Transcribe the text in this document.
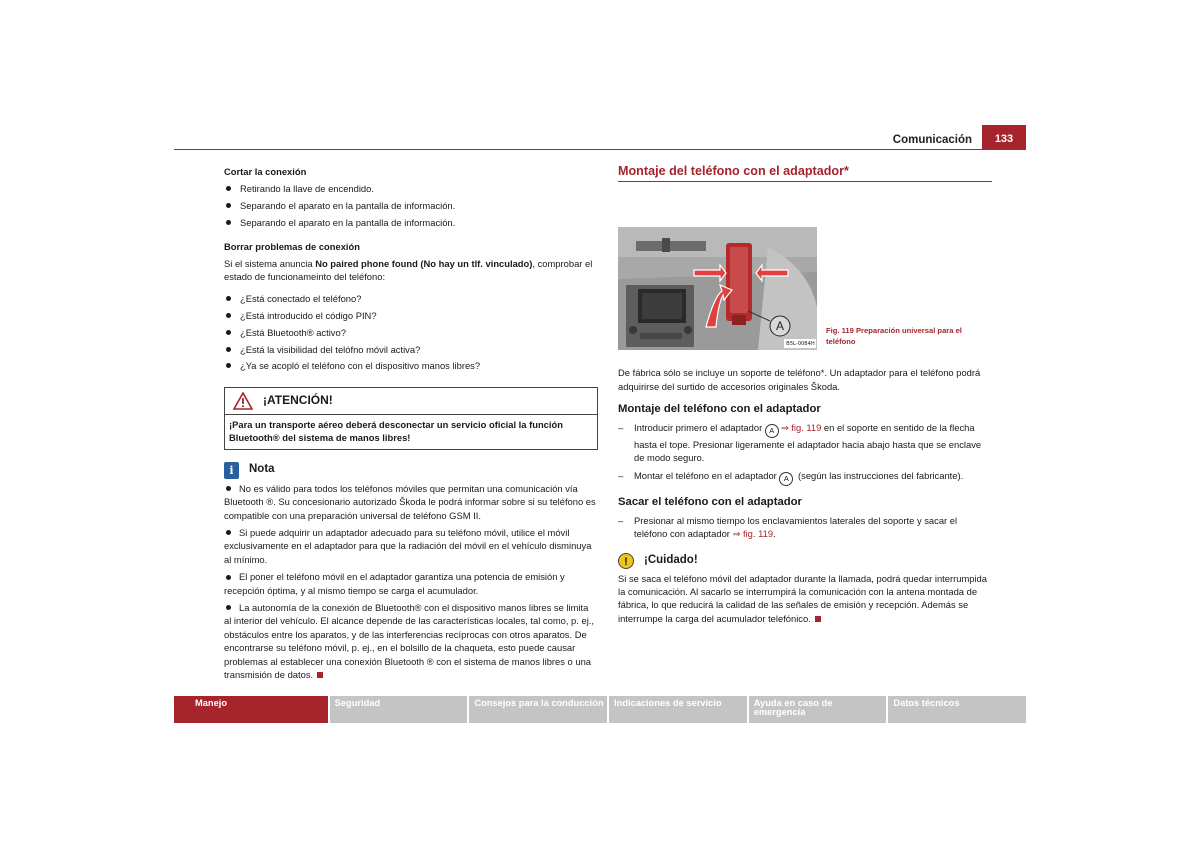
Comunicación	133
Cortar la conexión
Retirando la llave de encendido.
Separando el aparato en la pantalla de información.
Separando el aparato en la pantalla de información.
Borrar problemas de conexión

Si el sistema anuncia No paired phone found (No hay un tlf. vinculado), comprobar el estado de funcionameinto del teléfono:

¿Está conectado el teléfono?
¿Está introducido el código PIN?
¿Está Bluetooth® activo?
¿Está la visibilidad del telófno móvil activa?
¿Ya se acopló el teléfono con el dispositivo manos libres?
¡ATENCIÓN!
¡Para un transporte aéreo deberá desconectar un servicio oficial la función Bluetooth® del sistema de manos libres!
i	Nota
No es válido para todos los teléfonos móviles que permitan una comunicación vía Bluetooth ®. Su concesionario autorizado Škoda le podrá informar sobre si su teléfono es compatible con una preparación universal de teléfono GSM II.
Si puede adquirir un adaptador adecuado para su teléfono móvil, utilice el móvil exclusivamente en el adaptador para que la radiación del móvil en el vehículo disminuya al mínimo.
El poner el teléfono móvil en el adaptador garantiza una potencia de emisión y recepción óptima, y al mismo tiempo se carga el acumulador.
La autonomía de la conexión de Bluetooth® con el dispositivo manos libres se limita al interior del vehículo. El alcance depende de las características locales, tal como, p. ej., obstáculos entre los aparatos, y de las interferencias recíprocas con otros aparatos. De encontrarse su teléfono móvil, p. ej., en el bolsillo de la chaqueta, esto puede causar problemas al establecer una conexión Bluetooth ® con el sistema de manos libres o una transmisión de datos.
Montaje del teléfono con el adaptador*
A
B5L-0084H
Fig. 119 Preparación universal para el teléfono

De fábrica sólo se incluye un soporte de teléfono*. Un adaptador para el teléfono podrá adquirirse del surtido de accesorios originales Škoda.

Montaje del teléfono con el adaptador
– Introducir primero el adaptador A ⇒ fig. 119 en el soporte en sentido de la flecha hasta el tope. Presionar ligeramente el adaptador hacia abajo hasta que se enclave de modo seguro.
– Montar el teléfono en el adaptador A (según las instrucciones del fabricante).
Sacar el teléfono con el adaptador
– Presionar al mismo tiempo los enclavamientos laterales del soporte y sacar el teléfono con adaptador ⇒ fig. 119.
!	¡Cuidado!

Si se saca el teléfono móvil del adaptador durante la llamada, podrá quedar interrumpida la comunicación. Al sacarlo se interrumpirá la comunicación con la antena montada de fábrica, lo que reducirá la calidad de las señales de emisión y recepción. Además se interrumpe la carga del acumulador telefónico.

Manejo	Seguridad	Consejos para la conducción	Indicaciones de servicio	Ayuda en caso de emergencia
Datos técnicos
